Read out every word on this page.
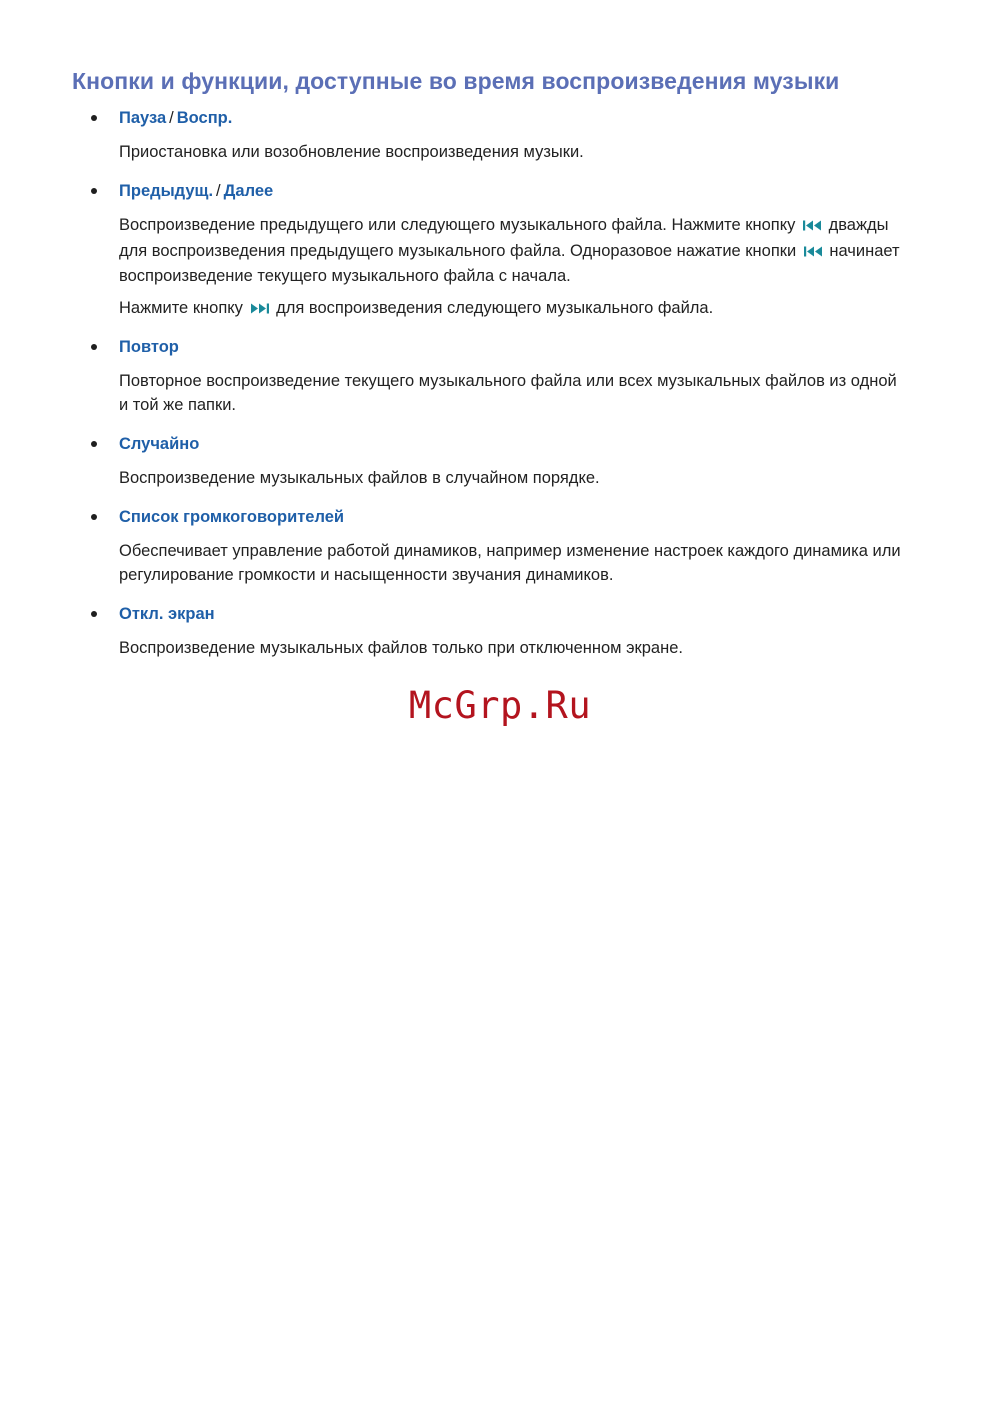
Кнопки и функции, доступные во время воспроизведения музыки
Пауза / Воспр.
Приостановка или возобновление воспроизведения музыки.
Предыдущ. / Далее
Воспроизведение предыдущего или следующего музыкального файла. Нажмите кнопку дважды
для воспроизведения предыдущего музыкального файла. Одноразовое нажатие кнопки начинает
воспроизведение текущего музыкального файла с начала.
Нажмите кнопку для воспроизведения следующего музыкального файла.
Повтор
Повторное воспроизведение текущего музыкального файла или всех музыкальных файлов из одной
и той же папки.
Случайно
Воспроизведение музыкальных файлов в случайном порядке.
Список громкоговорителей
Обеспечивает управление работой динамиков, например изменение настроек каждого динамика или
регулирование громкости и насыщенности звучания динамиков.
Откл. экран
Воспроизведение музыкальных файлов только при отключенном экране.
McGrp.Ru
